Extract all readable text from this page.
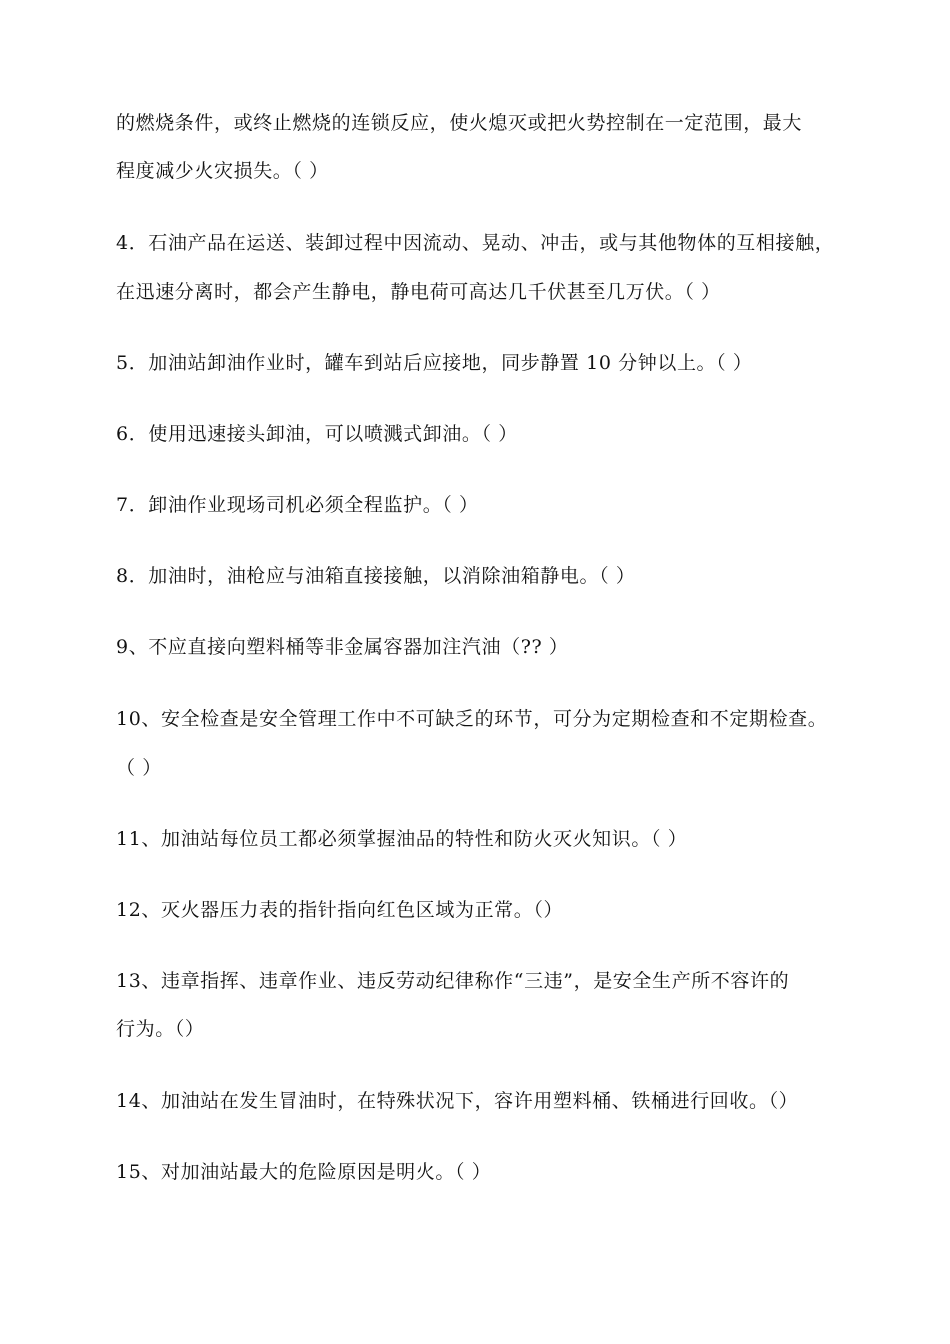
的燃烧条件，或终止燃烧的连锁反应，使火熄灭或把火势控制在一定范围，最大
程度减少火灾损失。（ ）
4．石油产品在运送、装卸过程中因流动、晃动、冲击，或与其他物体的互相接触，
在迅速分离时，都会产生静电，静电荷可高达几千伏甚至几万伏。（ ）
5．加油站卸油作业时，罐车到站后应接地，同步静置 10 分钟以上。（ ）
6．使用迅速接头卸油，可以喷溅式卸油。（ ）
7．卸油作业现场司机必须全程监护。（ ）
8．加油时，油枪应与油箱直接接触，以消除油箱静电。（ ）
9、不应直接向塑料桶等非金属容器加注汽油（?? ）
10、安全检查是安全管理工作中不可缺乏的环节，可分为定期检查和不定期检查。
（ ）
11、加油站每位员工都必须掌握油品的特性和防火灭火知识。（ ）
12、灭火器压力表的指针指向红色区域为正常。（）
13、违章指挥、违章作业、违反劳动纪律称作“三违”，是安全生产所不容许的
行为。（）
14、加油站在发生冒油时，在特殊状况下，容许用塑料桶、铁桶进行回收。（）
15、对加油站最大的危险原因是明火。（ ）
